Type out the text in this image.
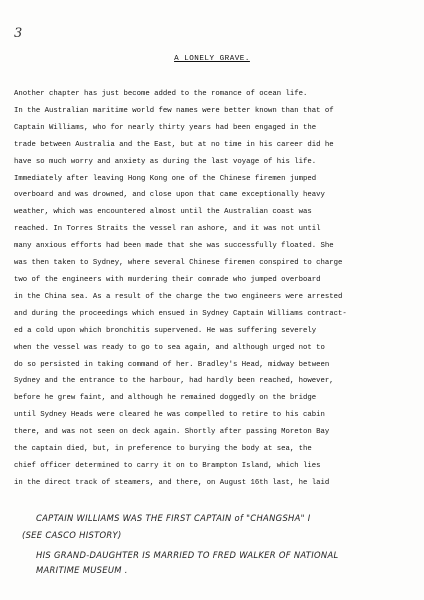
3
A LONELY GRAVE.
Another chapter has just become added to the romance of ocean life.
In the Australian maritime world few names were better known than that of
Captain Williams, who for nearly thirty years had been engaged in the
trade between Australia and the East, but at no time in his career did he
have so much worry and anxiety as during the last voyage of his life.
Immediately after leaving Hong Kong one of the Chinese firemen jumped
overboard and was drowned, and close upon that came exceptionally heavy
weather, which was encountered almost until the Australian coast was
reached. In Torres Straits the vessel ran ashore, and it was not until
many anxious efforts had been made that she was successfully floated. She
was then taken to Sydney, where several Chinese firemen conspired to charge
two of the engineers with murdering their comrade who jumped overboard
in the China sea. As a result of the charge the two engineers were arrested
and during the proceedings which ensued in Sydney Captain Williams contract-
ed a cold upon which bronchitis supervened. He was suffering severely
when the vessel was ready to go to sea again, and although urged not to
do so persisted in taking command of her. Bradley's Head, midway between
Sydney and the entrance to the harbour, had hardly been reached, however,
before he grew faint, and although he remained doggedly on the bridge
until Sydney Heads were cleared he was compelled to retire to his cabin
there, and was not seen on deck again. Shortly after passing Moreton Bay
the captain died, but, in preference to burying the body at sea, the
chief officer determined to carry it on to Brampton Island, which lies
in the direct track of steamers, and there, on August 16th last, he laid
CAPTAIN WILLIAMS WAS THE FIRST CAPTAIN of "CHANGSHA" I
(SEE CASCO HISTORY)
HIS GRAND-DAUGHTER IS MARRIED TO FRED WALKER OF NATIONAL
MARITIME MUSEUM .
